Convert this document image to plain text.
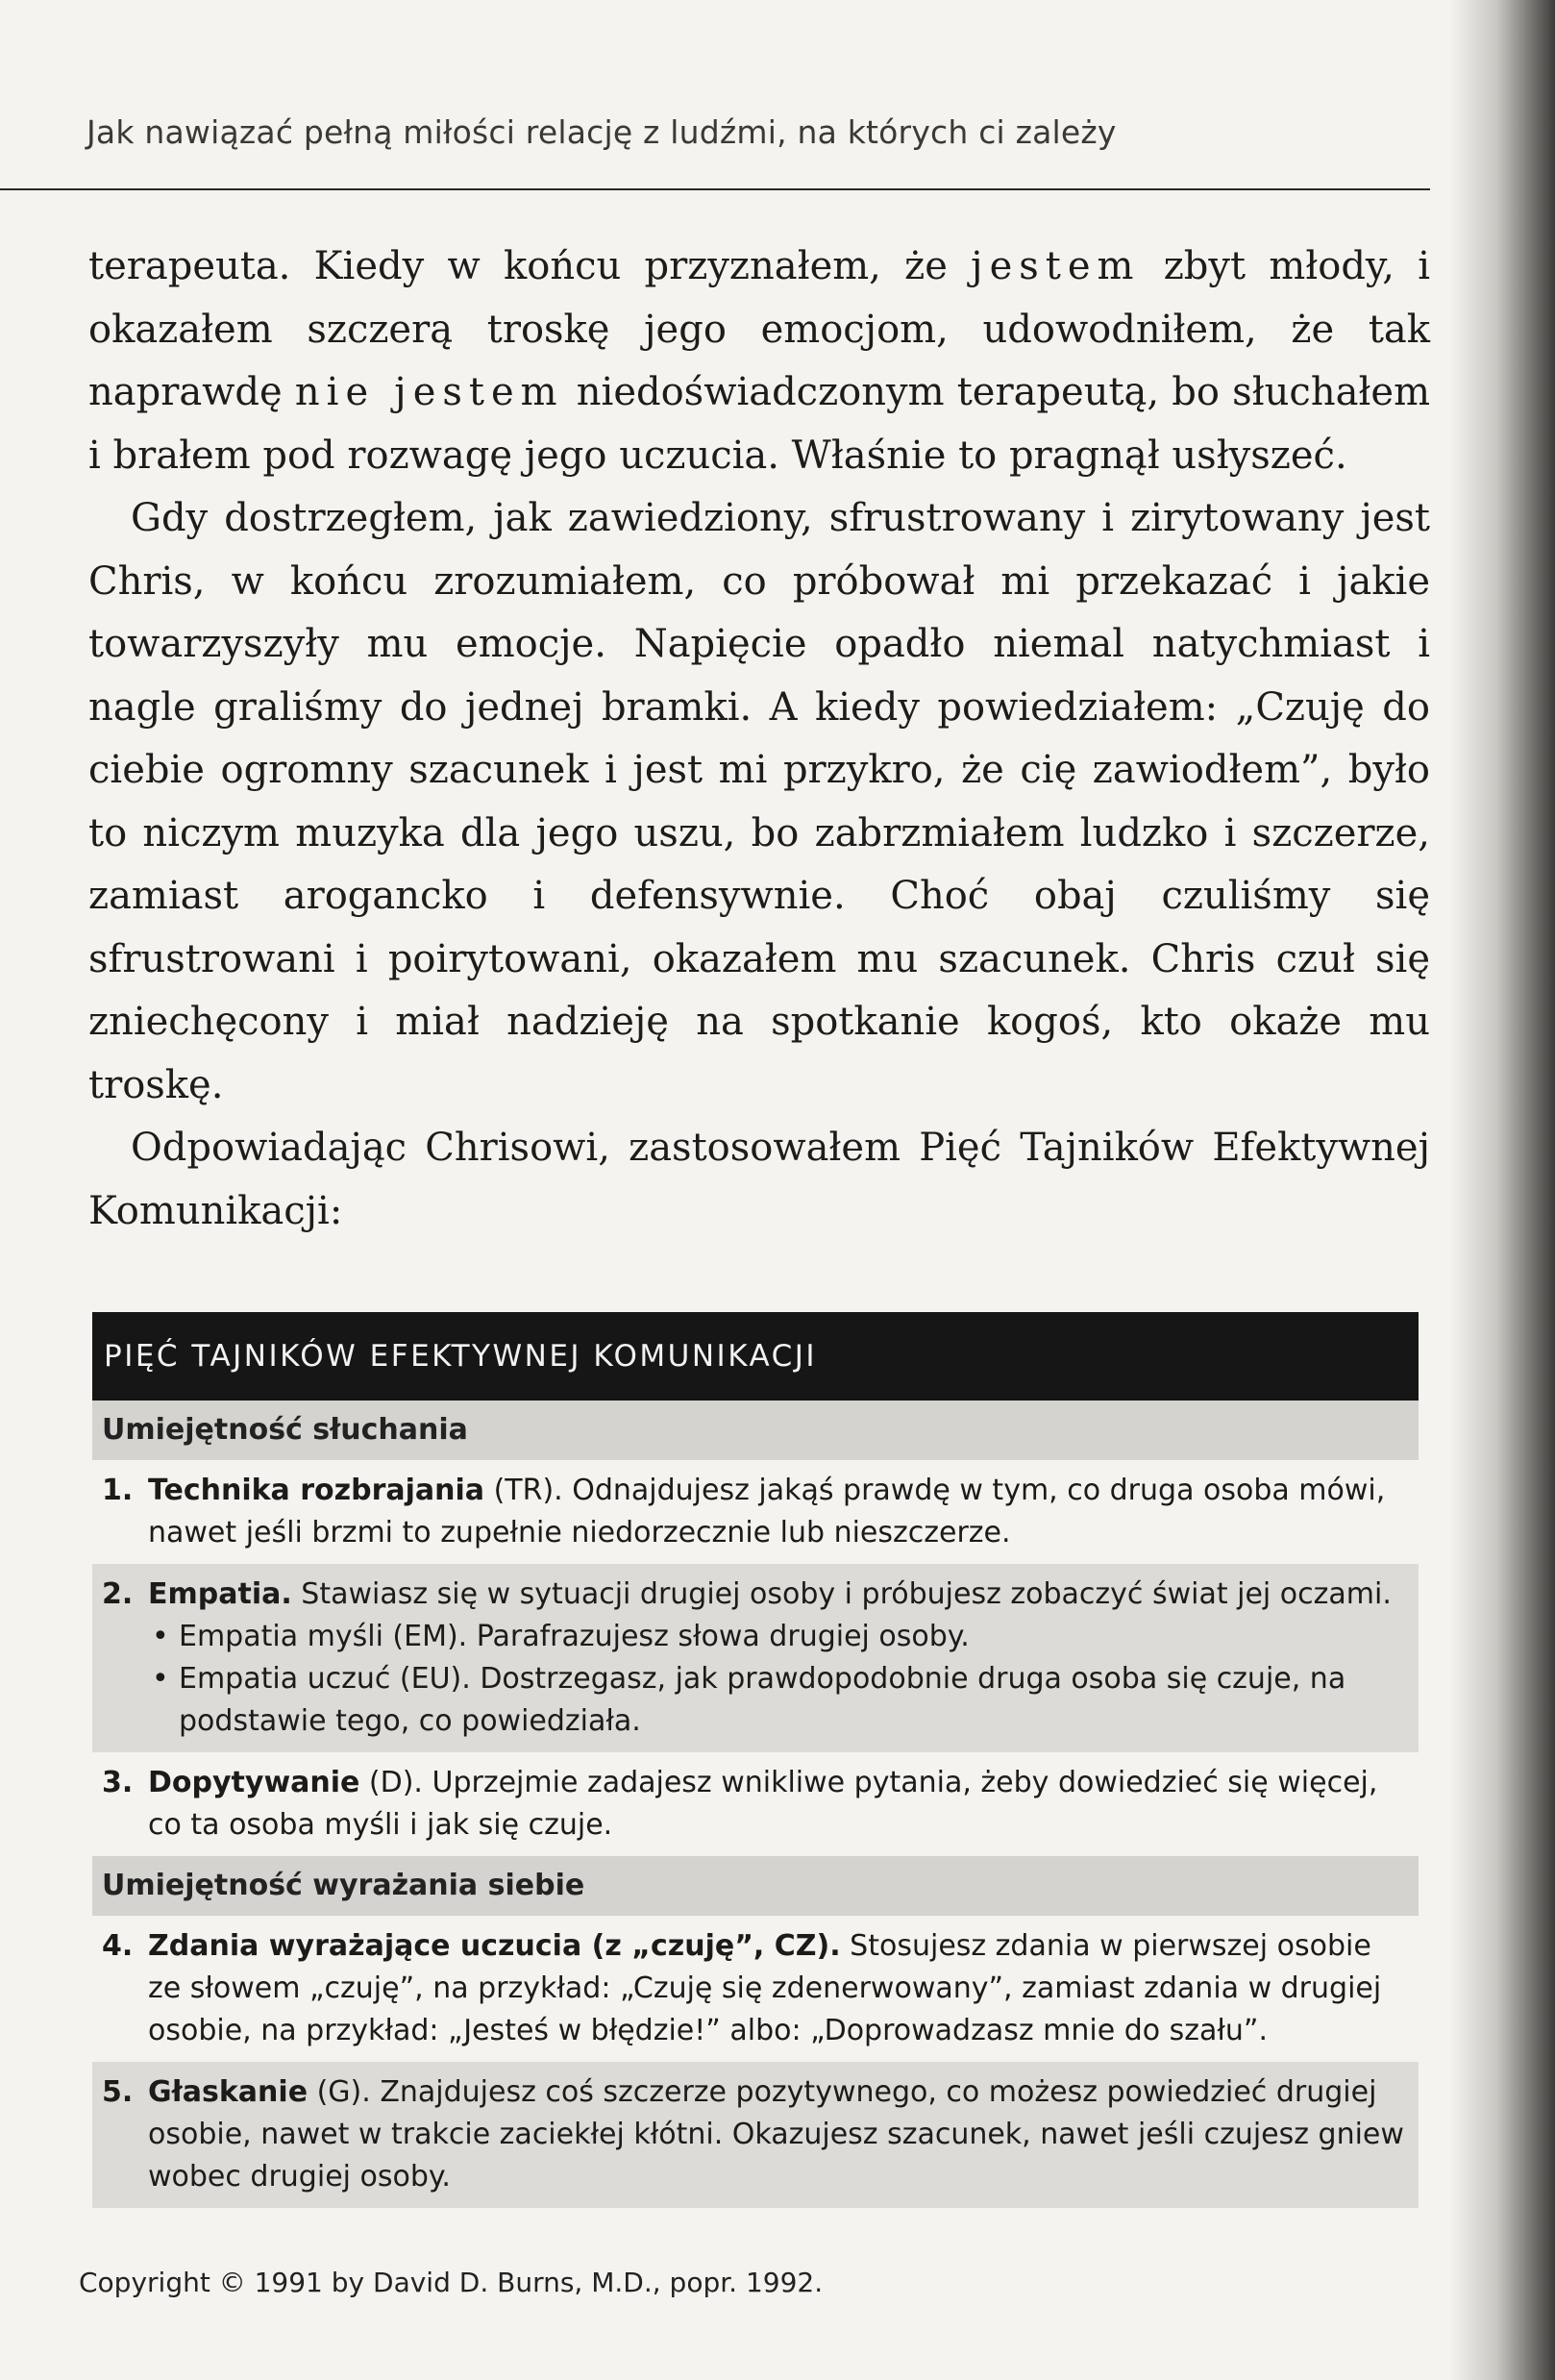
Jak nawiązać pełną miłości relację z ludźmi, na których ci zależy

terapeuta. Kiedy w końcu przyznałem, że jestem zbyt młody, i okazałem szczerą troskę jego emocjom, udowodniłem, że tak naprawdę nie jestem niedoświadczonym terapeutą, bo słuchałem i brałem pod rozwagę jego uczucia. Właśnie to pragnął usłyszeć.

Gdy dostrzegłem, jak zawiedziony, sfrustrowany i zirytowany jest Chris, w końcu zrozumiałem, co próbował mi przekazać i jakie towarzyszyły mu emocje. Napięcie opadło niemal natychmiast i nagle graliśmy do jednej bramki. A kiedy powiedziałem: „Czuję do ciebie ogromny szacunek i jest mi przykro, że cię zawiodłem”, było to niczym muzyka dla jego uszu, bo zabrzmiałem ludzko i szczerze, zamiast arogancko i defensywnie. Choć obaj czuliśmy się sfrustrowani i poirytowani, okazałem mu szacunek. Chris czuł się zniechęcony i miał nadzieję na spotkanie kogoś, kto okaże mu troskę.

Odpowiadając Chrisowi, zastosowałem Pięć Tajników Efektywnej Komunikacji:

PIĘĆ TAJNIKÓW EFEKTYWNEJ KOMUNIKACJI
Umiejętność słuchania
1. Technika rozbrajania (TR). Odnajdujesz jakąś prawdę w tym, co druga osoba mówi, nawet jeśli brzmi to zupełnie niedorzecznie lub nieszczerze.
2. Empatia. Stawiasz się w sytuacji drugiej osoby i próbujesz zobaczyć świat jej oczami.
• Empatia myśli (EM). Parafrazujesz słowa drugiej osoby.
• Empatia uczuć (EU). Dostrzegasz, jak prawdopodobnie druga osoba się czuje, na podstawie tego, co powiedziała.
3. Dopytywanie (D). Uprzejmie zadajesz wnikliwe pytania, żeby dowiedzieć się więcej, co ta osoba myśli i jak się czuje.
Umiejętność wyrażania siebie
4. Zdania wyrażające uczucia (z „czuję”, CZ). Stosujesz zdania w pierwszej osobie ze słowem „czuję”, na przykład: „Czuję się zdenerwowany”, zamiast zdania w drugiej osobie, na przykład: „Jesteś w błędzie!” albo: „Doprowadzasz mnie do szału”.
5. Głaskanie (G). Znajdujesz coś szczerze pozytywnego, co możesz powiedzieć drugiej osobie, nawet w trakcie zaciekłej kłótni. Okazujesz szacunek, nawet jeśli czujesz gniew wobec drugiej osoby.
Copyright © 1991 by David D. Burns, M.D., popr. 1992.
